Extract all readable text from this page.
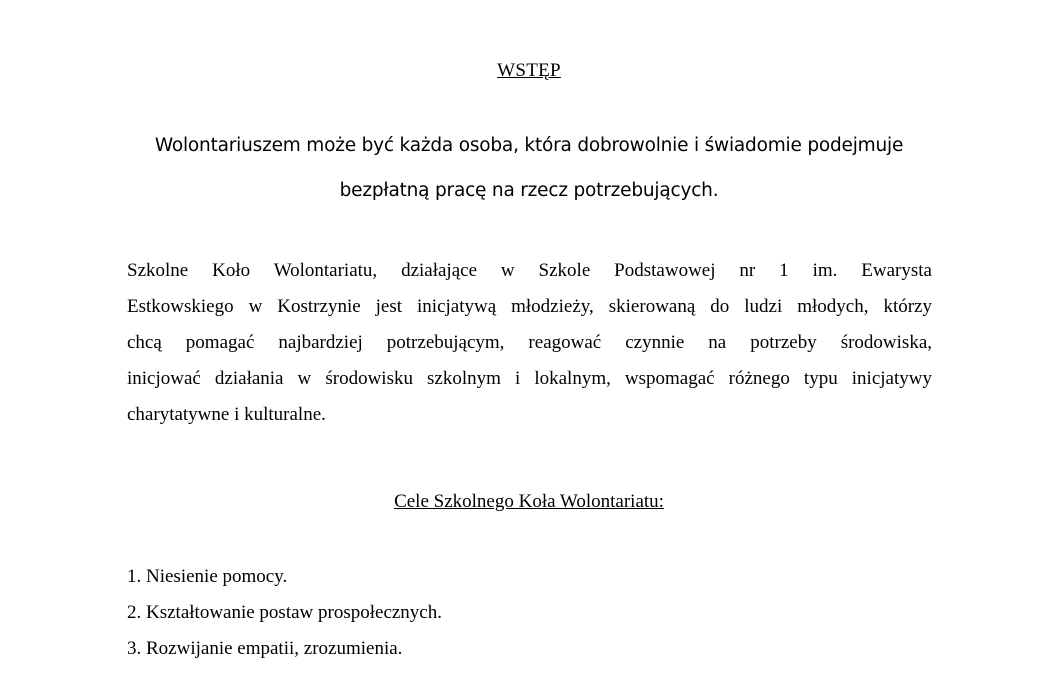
WSTĘP
Wolontariuszem może być każda osoba, która dobrowolnie i świadomie podejmuje
bezpłatną pracę na rzecz potrzebujących.
Szkolne Koło Wolontariatu, działające w Szkole Podstawowej nr 1 im. Ewarysta
Estkowskiego w Kostrzynie jest inicjatywą młodzieży, skierowaną do ludzi młodych, którzy
chcą pomagać najbardziej potrzebującym, reagować czynnie na potrzeby środowiska,
inicjować działania w środowisku szkolnym i lokalnym, wspomagać różnego typu inicjatywy
charytatywne i kulturalne.
Cele Szkolnego Koła Wolontariatu:
1. Niesienie pomocy.
2. Kształtowanie postaw prospołecznych.
3. Rozwijanie empatii, zrozumienia.
